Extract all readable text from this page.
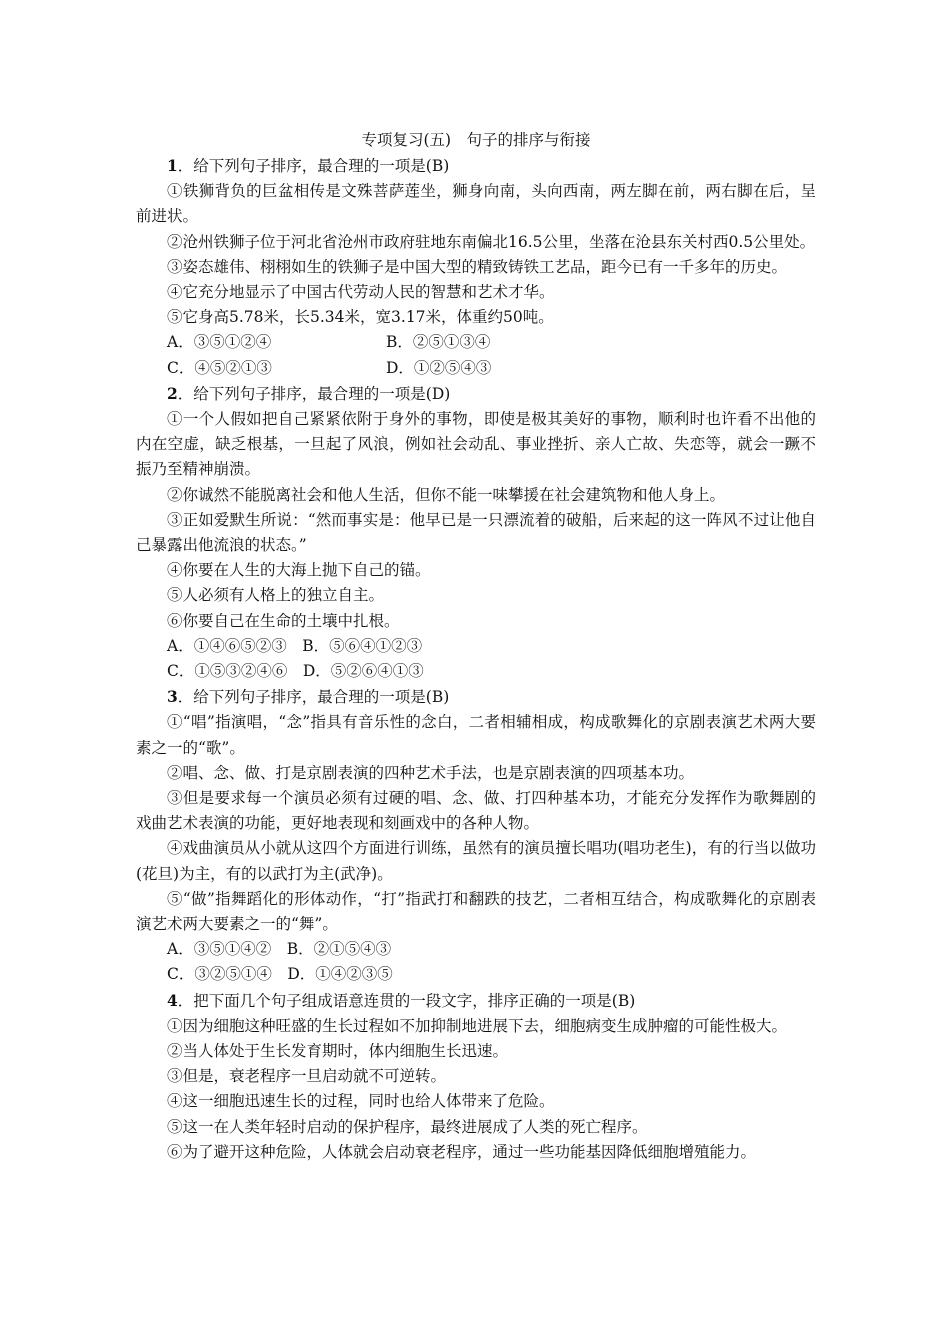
专项复习(五)　句子的排序与衔接

1．给下列句子排序，最合理的一项是(B)

①铁狮背负的巨盆相传是文殊菩萨莲坐，狮身向南，头向西南，两左脚在前，两右脚在后，呈前进状。

②沧州铁狮子位于河北省沧州市政府驻地东南偏北16.5公里，坐落在沧县东关村西0.5公里处。

③姿态雄伟、栩栩如生的铁狮子是中国大型的精致铸铁工艺品，距今已有一千多年的历史。

④它充分地显示了中国古代劳动人民的智慧和艺术才华。

⑤它身高5.78米，长5.34米，宽3.17米，体重约50吨。

A．③⑤①②④

	B．②⑤①③④

C．④⑤②①③

	D．①②⑤④③

2．给下列句子排序，最合理的一项是(D)

①一个人假如把自己紧紧依附于身外的事物，即使是极其美好的事物，顺利时也许看不出他的内在空虚，缺乏根基，一旦起了风浪，例如社会动乱、事业挫折、亲人亡故、失恋等，就会一蹶不振乃至精神崩溃。

②你诚然不能脱离社会和他人生活，但你不能一味攀援在社会建筑物和他人身上。

③正如爱默生所说：“然而事实是：他早已是一只漂流着的破船，后来起的这一阵风不过让他自己暴露出他流浪的状态。”

④你要在人生的大海上抛下自己的锚。

⑤人必须有人格上的独立自主。

⑥你要自己在生命的土壤中扎根。

A．①④⑥⑤②③　B．⑤⑥④①②③

C．①⑤③②④⑥　D．⑤②⑥④①③

3．给下列句子排序，最合理的一项是(B)

①“唱”指演唱，“念”指具有音乐性的念白，二者相辅相成，构成歌舞化的京剧表演艺术两大要素之一的“歌”。

②唱、念、做、打是京剧表演的四种艺术手法，也是京剧表演的四项基本功。

③但是要求每一个演员必须有过硬的唱、念、做、打四种基本功，才能充分发挥作为歌舞剧的戏曲艺术表演的功能，更好地表现和刻画戏中的各种人物。

④戏曲演员从小就从这四个方面进行训练，虽然有的演员擅长唱功(唱功老生)，有的行当以做功(花旦)为主，有的以武打为主(武净)。

⑤“做”指舞蹈化的形体动作，“打”指武打和翻跌的技艺，二者相互结合，构成歌舞化的京剧表演艺术两大要素之一的“舞”。

A．③⑤①④②　B．②①⑤④③

C．③②⑤①④　D．①④②③⑤

4．把下面几个句子组成语意连贯的一段文字，排序正确的一项是(B)

①因为细胞这种旺盛的生长过程如不加抑制地进展下去，细胞病变生成肿瘤的可能性极大。

②当人体处于生长发育期时，体内细胞生长迅速。

③但是，衰老程序一旦启动就不可逆转。

④这一细胞迅速生长的过程，同时也给人体带来了危险。

⑤这一在人类年轻时启动的保护程序，最终进展成了人类的死亡程序。

⑥为了避开这种危险，人体就会启动衰老程序，通过一些功能基因降低细胞增殖能力。
